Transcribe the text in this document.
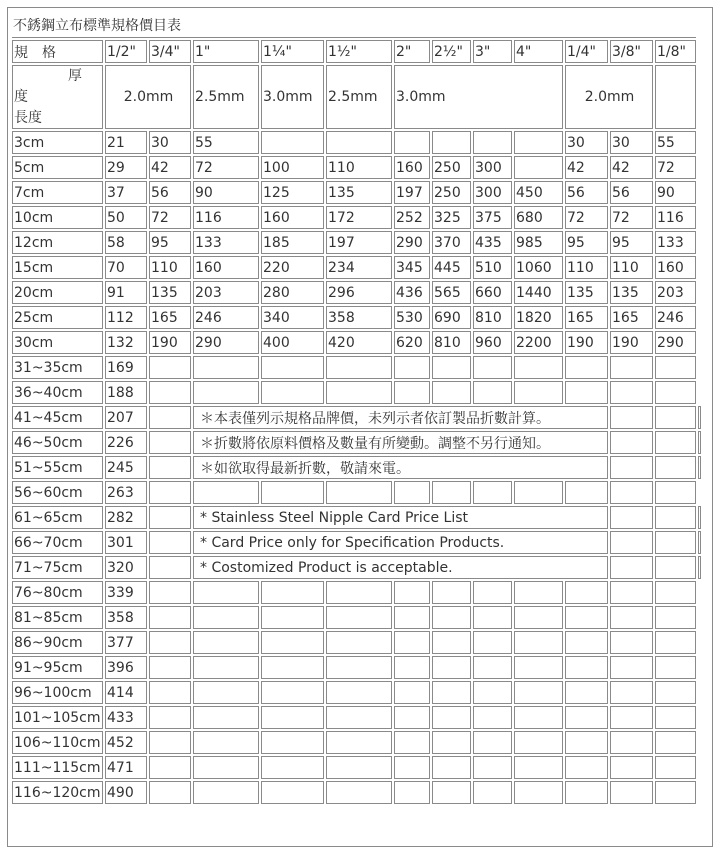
不銹鋼立布標準規格價目表													
規　格	1/2"	3/4"	1"	1¼"	1½"	2"	2½"	3"	4"	1/4"	3/8"	1/8"	

厚
度
長度	2.0mm		2.5mm	3.0mm	2.5mm	3.0mm				2.0mm			
3cm	21	30	55							30	30	55	
5cm	29	42	72	100	110	160	250	300		42	42	72	
7cm	37	56	90	125	135	197	250	300	450	56	56	90	
10cm	50	72	116	160	172	252	325	375	680	72	72	116	
12cm	58	95	133	185	197	290	370	435	985	95	95	133	
15cm	70	110	160	220	234	345	445	510	1060	110	110	160	
20cm	91	135	203	280	296	436	565	660	1440	135	135	203	
25cm	112	165	246	340	358	530	690	810	1820	165	165	246	
30cm	132	190	290	400	420	620	810	960	2200	190	190	290	
31~35cm	169												
36~40cm	188												
41~45cm	207		＊本表僅列示規格品牌價，未列示者依訂製品折數計算。										
46~50cm	226		＊折數將依原料價格及數量有所變動。調整不另行通知。										
51~55cm	245		＊如欲取得最新折數，敬請來電。										
56~60cm	263												
61~65cm	282		* Stainless Steel Nipple Card Price List										
66~70cm	301		* Card Price only for Specification Products.										
71~75cm	320		* Costomized Product is acceptable.										
76~80cm	339												
81~85cm	358												
86~90cm	377												
91~95cm	396												
96~100cm	414												
101~105cm	433												
106~110cm	452												
111~115cm	471												
116~120cm	490												
